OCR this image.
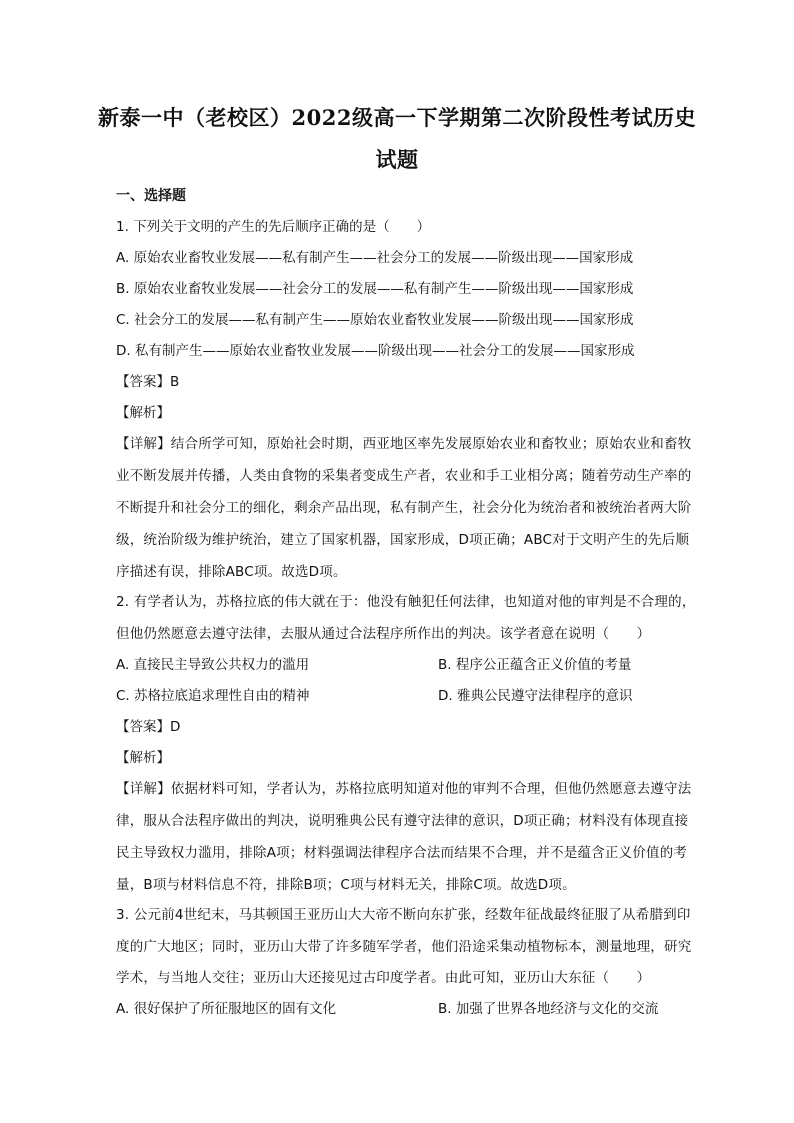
新泰一中（老校区）2022级高一下学期第二次阶段性考试历史
试题
一、选择题
1. 下列关于文明的产生的先后顺序正确的是（　　）
A. 原始农业畜牧业发展——私有制产生——社会分工的发展——阶级出现——国家形成
B. 原始农业畜牧业发展——社会分工的发展——私有制产生——阶级出现——国家形成
C. 社会分工的发展——私有制产生——原始农业畜牧业发展——阶级出现——国家形成
D. 私有制产生——原始农业畜牧业发展——阶级出现——社会分工的发展——国家形成
【答案】B
【解析】
【详解】结合所学可知，原始社会时期，西亚地区率先发展原始农业和畜牧业；原始农业和畜牧
业不断发展并传播，人类由食物的采集者变成生产者，农业和手工业相分离；随着劳动生产率的
不断提升和社会分工的细化，剩余产品出现，私有制产生，社会分化为统治者和被统治者两大阶
级，统治阶级为维护统治，建立了国家机器，国家形成，D项正确；ABC对于文明产生的先后顺
序描述有误，排除ABC项。故选D项。
2. 有学者认为，苏格拉底的伟大就在于：他没有触犯任何法律，也知道对他的审判是不合理的，
但他仍然愿意去遵守法律，去服从通过合法程序所作出的判决。该学者意在说明（　　）
A. 直接民主导致公共权力的滥用	B. 程序公正蕴含正义价值的考量
C. 苏格拉底追求理性自由的精神	D. 雅典公民遵守法律程序的意识
【答案】D
【解析】
【详解】依据材料可知，学者认为，苏格拉底明知道对他的审判不合理，但他仍然愿意去遵守法
律，服从合法程序做出的判决，说明雅典公民有遵守法律的意识，D项正确；材料没有体现直接
民主导致权力滥用，排除A项；材料强调法律程序合法而结果不合理，并不是蕴含正义价值的考
量，B项与材料信息不符，排除B项；C项与材料无关，排除C项。故选D项。
3. 公元前4世纪末，马其顿国王亚历山大大帝不断向东扩张，经数年征战最终征服了从希腊到印
度的广大地区；同时，亚历山大带了许多随军学者，他们沿途采集动植物标本，测量地理，研究
学术，与当地人交往；亚历山大还接见过古印度学者。由此可知，亚历山大东征（　　）
A. 很好保护了所征服地区的固有文化	B. 加强了世界各地经济与文化的交流
